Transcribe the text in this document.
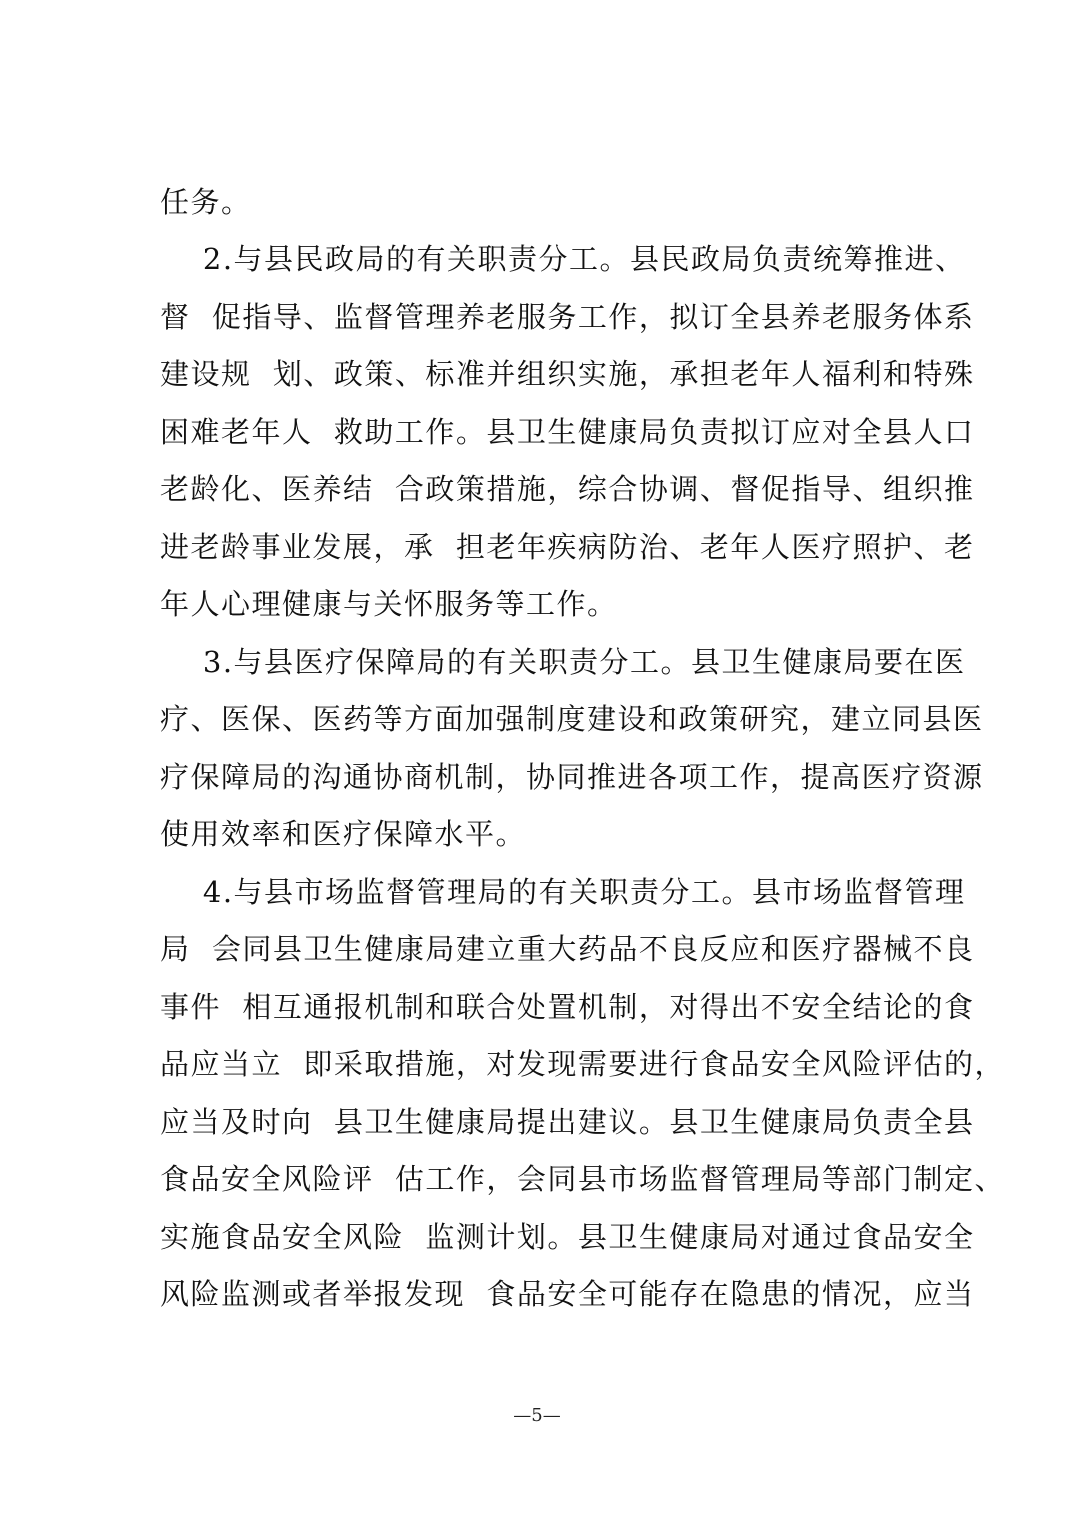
任务。
2.与县民政局的有关职责分工。县民政局负责统筹推进、
督  促指导、监督管理养老服务工作，拟订全县养老服务体系
建设规  划、政策、标准并组织实施，承担老年人福利和特殊
困难老年人  救助工作。县卫生健康局负责拟订应对全县人口
老龄化、医养结  合政策措施，综合协调、督促指导、组织推
进老龄事业发展，承  担老年疾病防治、老年人医疗照护、老
年人心理健康与关怀服务等工作。
3.与县医疗保障局的有关职责分工。县卫生健康局要在医
疗、医保、医药等方面加强制度建设和政策研究，建立同县医
疗保障局的沟通协商机制，协同推进各项工作，提高医疗资源
使用效率和医疗保障水平。
4.与县市场监督管理局的有关职责分工。县市场监督管理
局  会同县卫生健康局建立重大药品不良反应和医疗器械不良
事件  相互通报机制和联合处置机制，对得出不安全结论的食
品应当立  即采取措施，对发现需要进行食品安全风险评估的，
应当及时向  县卫生健康局提出建议。县卫生健康局负责全县
食品安全风险评  估工作，会同县市场监督管理局等部门制定、
实施食品安全风险  监测计划。县卫生健康局对通过食品安全
风险监测或者举报发现  食品安全可能存在隐患的情况，应当
—5—
